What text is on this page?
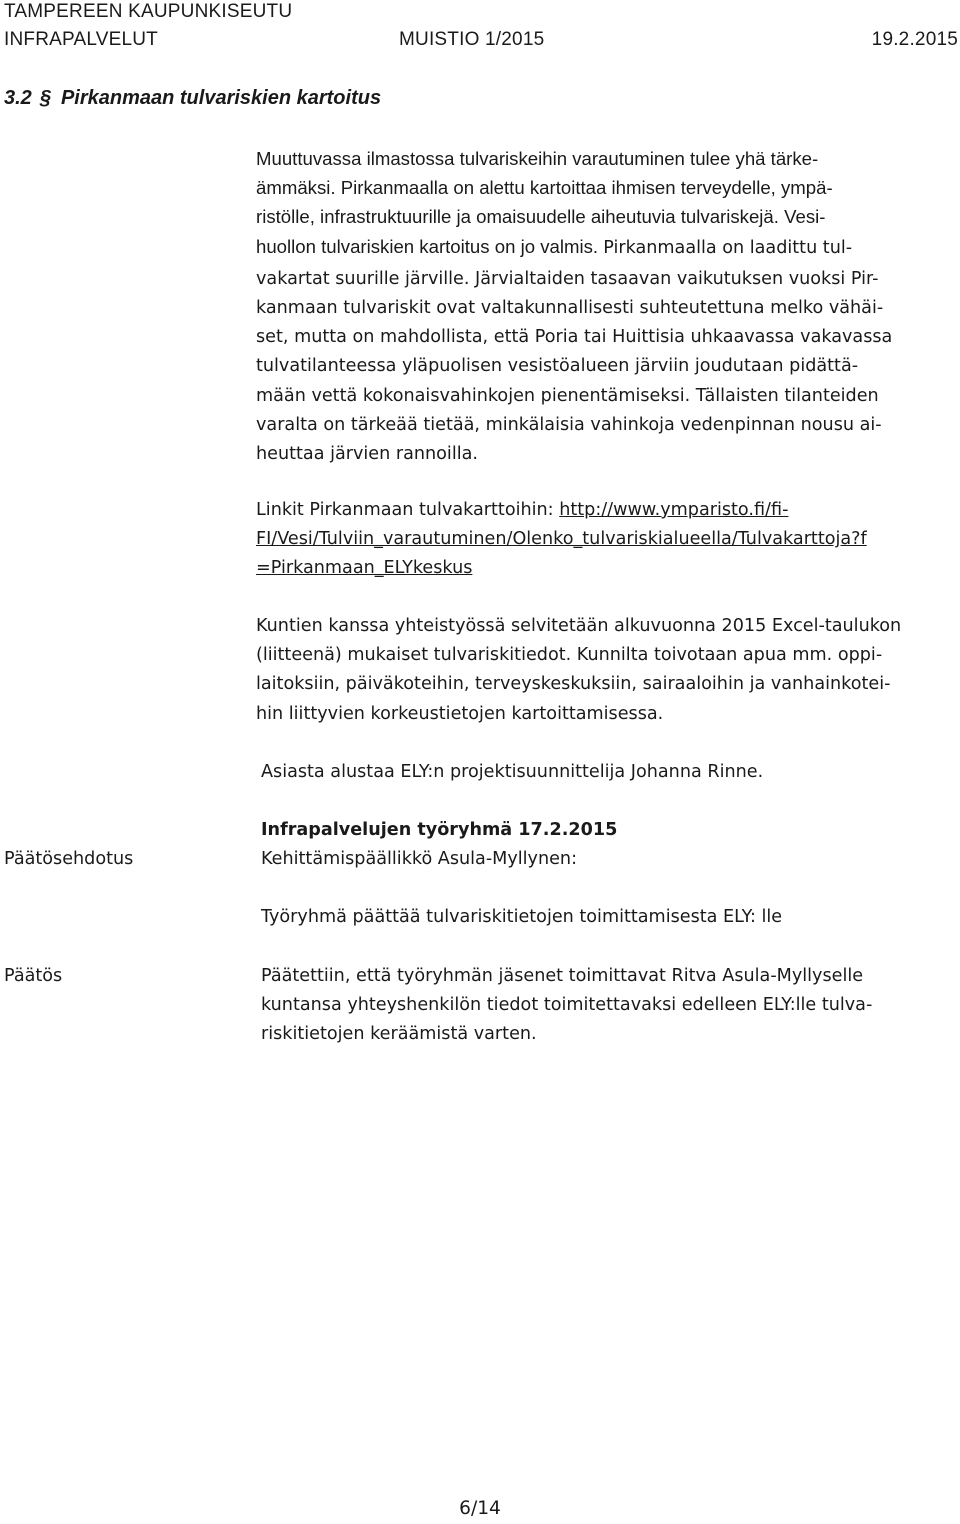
TAMPEREEN KAUPUNKISEUTU
INFRAPALVELUT	MUISTIO 1/2015	19.2.2015
3.2 § Pirkanmaan tulvariskien kartoitus

Muuttuvassa ilmastossa tulvariskeihin varautuminen tulee yhä tärke-

ämmäksi. Pirkanmaalla on alettu kartoittaa ihmisen terveydelle, ympä-

ristölle, infrastruktuurille ja omaisuudelle aiheutuvia tulvariskejä. Vesi-

huollon tulvariskien kartoitus on jo valmis. Pirkanmaalla on laadittu tul-

vakartat suurille järville. Järvialtaiden tasaavan vaikutuksen vuoksi Pir-

kanmaan tulvariskit ovat valtakunnallisesti suhteutettuna melko vähäi-

set, mutta on mahdollista, että Poria tai Huittisia uhkaavassa vakavassa

tulvatilanteessa yläpuolisen vesistöalueen järviin joudutaan pidättä-

mään vettä kokonaisvahinkojen pienentämiseksi. Tällaisten tilanteiden

varalta on tärkeää tietää, minkälaisia vahinkoja vedenpinnan nousu ai-

heuttaa järvien rannoilla.

Linkit Pirkanmaan tulvakarttoihin: http://www.ymparisto.fi/fi-

FI/Vesi/Tulviin_varautuminen/Olenko_tulvariskialueella/Tulvakarttoja?f

=Pirkanmaan_ELYkeskus

Kuntien kanssa yhteistyössä selvitetään alkuvuonna 2015 Excel-taulukon

(liitteenä) mukaiset tulvariskitiedot. Kunnilta toivotaan apua mm. oppi-

laitoksiin, päiväkoteihin, terveyskeskuksiin, sairaaloihin ja vanhainkotei-

hin liittyvien korkeustietojen kartoittamisessa.

Asiasta alustaa ELY:n projektisuunnittelija Johanna Rinne.

Infrapalvelujen työryhmä 17.2.2015

Päätösehdotus	Kehittämispäällikkö Asula-Myllynen:

Työryhmä päättää tulvariskitietojen toimittamisesta ELY: lle

Päätös	Päätettiin, että työryhmän jäsenet toimittavat Ritva Asula-Myllyselle

kuntansa yhteyshenkilön tiedot toimitettavaksi edelleen ELY:lle tulva-

riskitietojen keräämistä varten.

6/14
